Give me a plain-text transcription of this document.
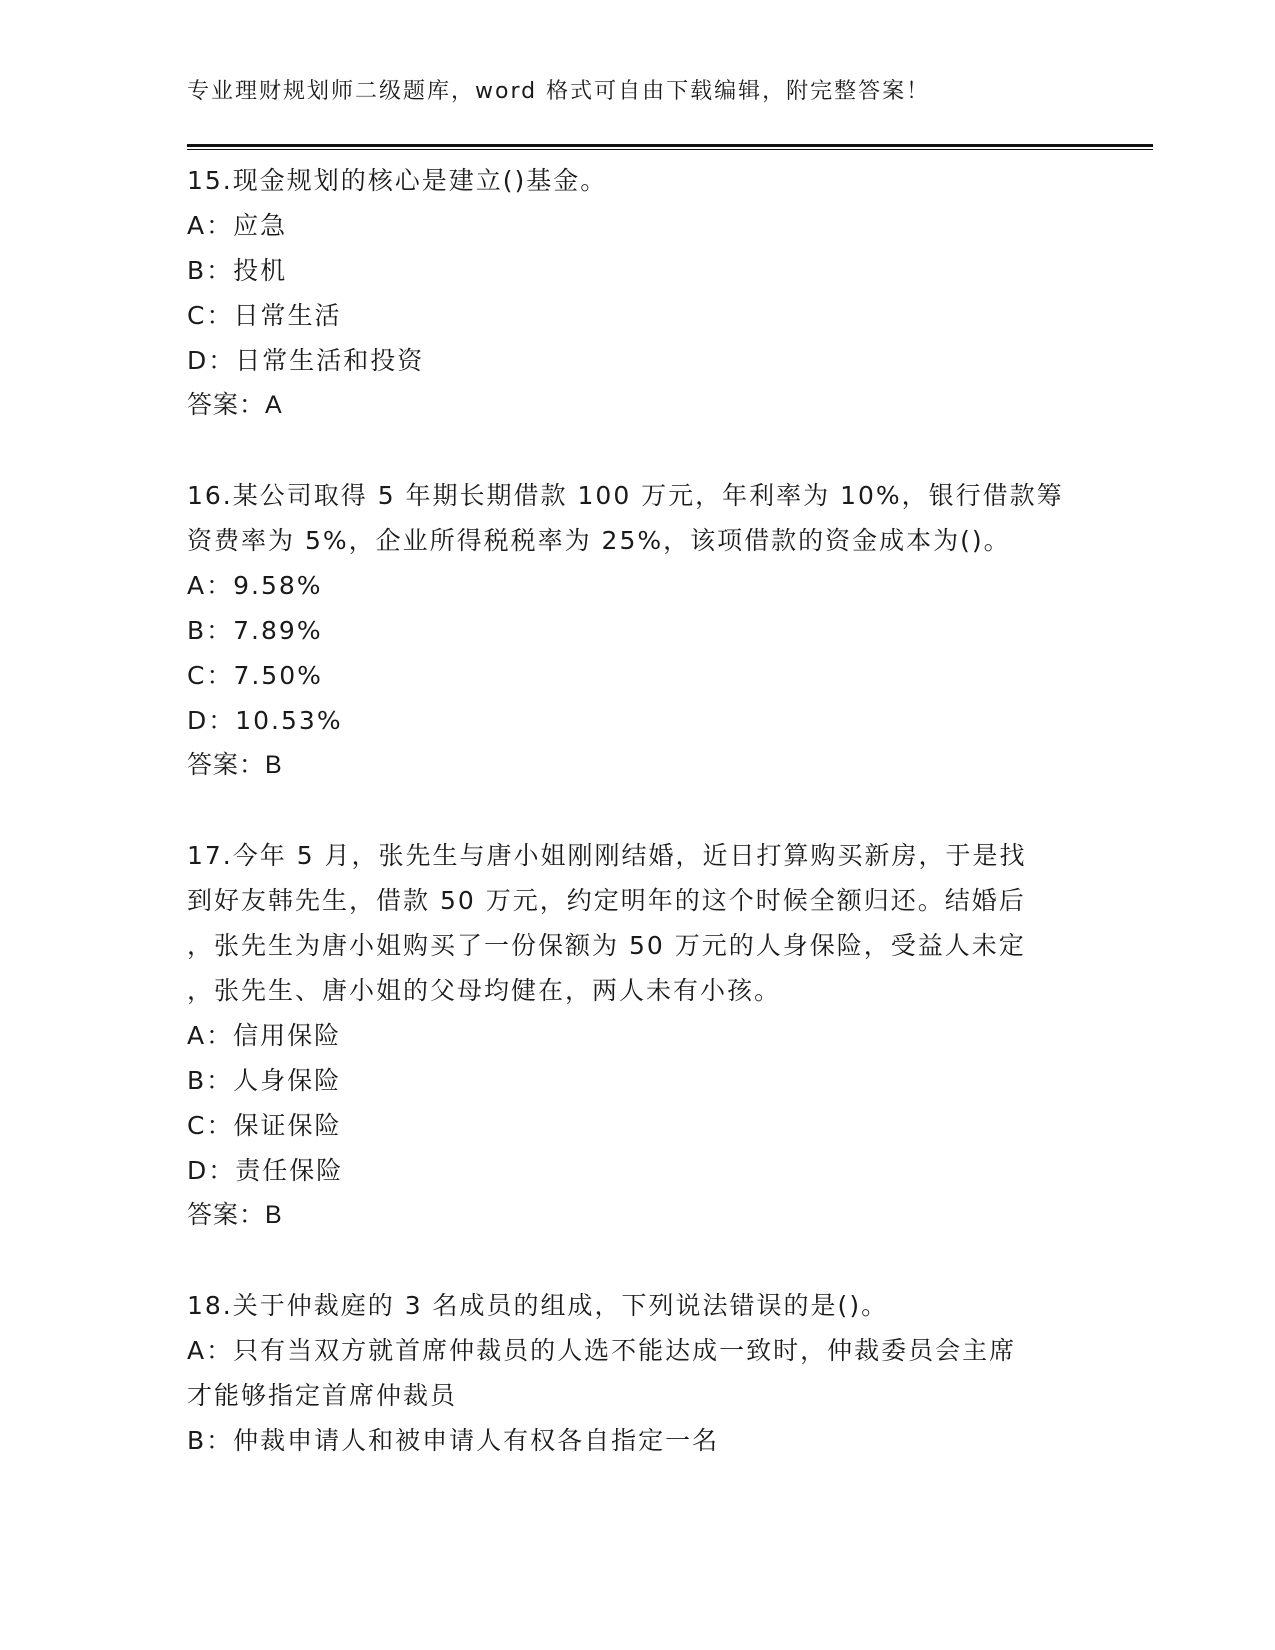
专业理财规划师二级题库，word 格式可自由下载编辑，附完整答案！
15.现金规划的核心是建立()基金。
A：应急
B：投机
C：日常生活
D：日常生活和投资
答案：A
16.某公司取得 5 年期长期借款 100 万元，年利率为 10%，银行借款筹
资费率为 5%，企业所得税税率为 25%，该项借款的资金成本为()。
A：9.58%
B：7.89%
C：7.50%
D：10.53%
答案：B
17.今年 5 月，张先生与唐小姐刚刚结婚，近日打算购买新房，于是找
到好友韩先生，借款 50 万元，约定明年的这个时候全额归还。结婚后
，张先生为唐小姐购买了一份保额为 50 万元的人身保险，受益人未定
，张先生、唐小姐的父母均健在，两人未有小孩。
A：信用保险
B：人身保险
C：保证保险
D：责任保险
答案：B
18.关于仲裁庭的 3 名成员的组成，下列说法错误的是()。
A：只有当双方就首席仲裁员的人选不能达成一致时，仲裁委员会主席
才能够指定首席仲裁员
B：仲裁申请人和被申请人有权各自指定一名
